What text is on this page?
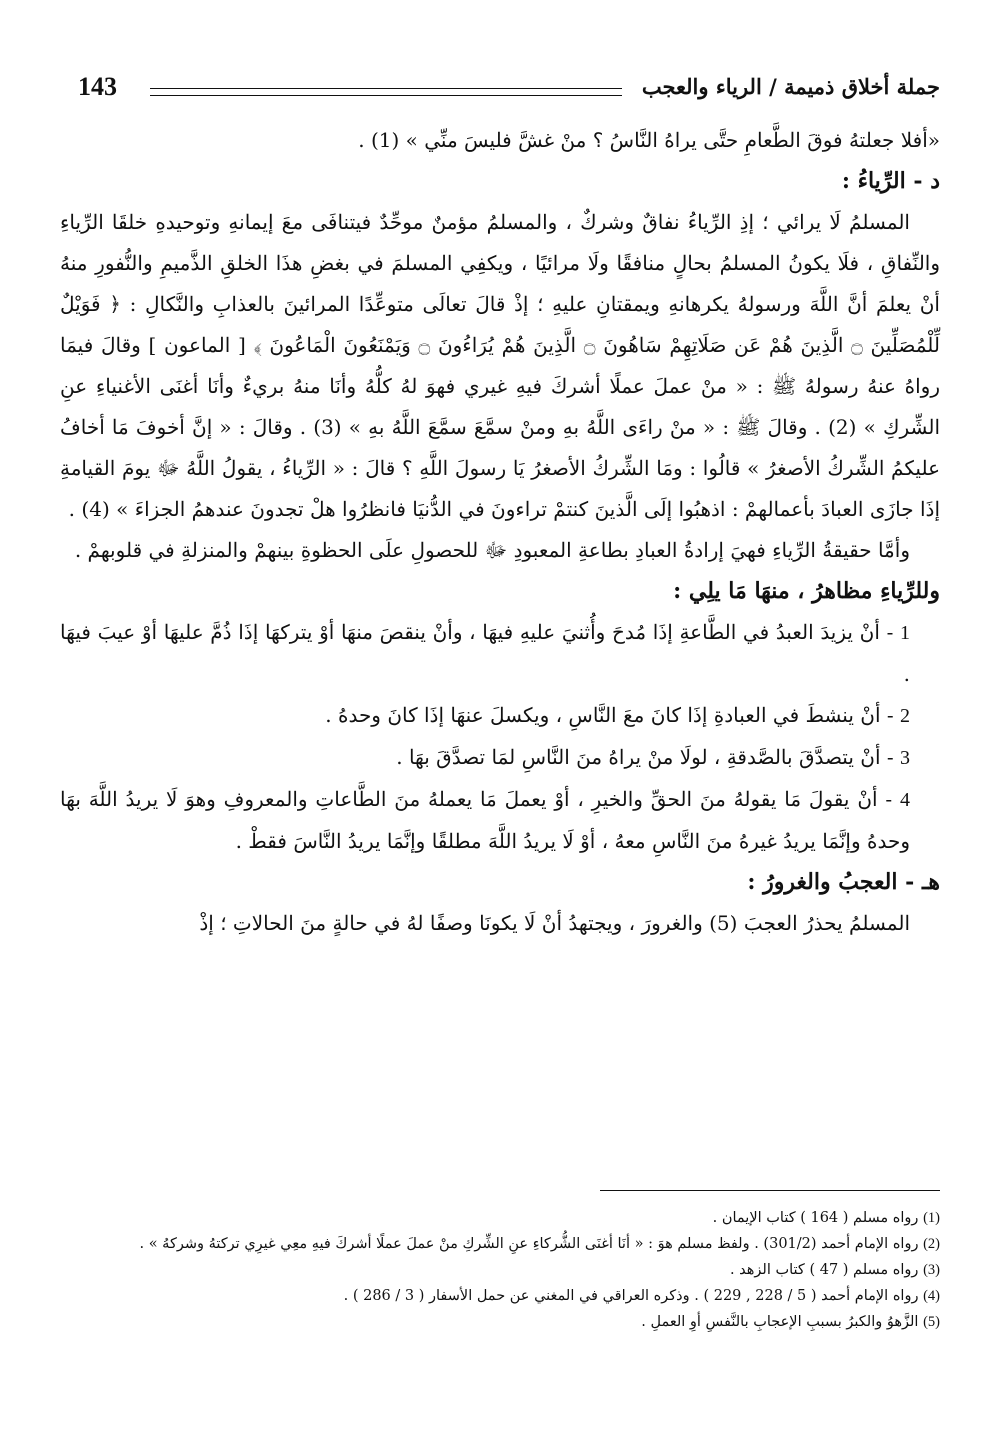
جملة أخلاق ذميمة / الرياء والعجب
143

«أفلا جعلتهُ فوقَ الطَّعامِ حتَّى يراهُ النَّاسُ ؟ منْ غشَّ فليسَ منِّي » (1) .

د - الرِّياءُ :

المسلمُ لَا يرائي ؛ إذِ الرِّياءُ نفاقٌ وشركٌ ، والمسلمُ مؤمنٌ موحِّدٌ فيتنافَى معَ إيمانهِ وتوحيدهِ خلقَا الرِّياءِ والنِّفاقِ ، فلَا يكونُ المسلمُ بحالٍ منافقًا ولَا مرائيًا ، ويكفِي المسلمَ في بغضِ هذَا الخلقِ الذَّميمِ والنُّفورِ منهُ أنْ يعلمَ أنَّ اللَّهَ ورسولهُ يكرهانهِ ويمقتانِ عليهِ ؛ إذْ قالَ تعالَى متوعِّدًا المرائينَ بالعذابِ والنَّكالِ : ﴿ فَوَيْلٌ لِّلْمُصَلِّينَ ۝ الَّذِينَ هُمْ عَن صَلَاتِهِمْ سَاهُونَ ۝ الَّذِينَ هُمْ يُرَاءُونَ ۝ وَيَمْنَعُونَ الْمَاعُونَ ﴾ [ الماعون ] وقالَ فيمَا رواهُ عنهُ رسولهُ ﷺ : « منْ عملَ عملًا أشركَ فيهِ غيري فهوَ لهُ كلُّهُ وأنَا منهُ بريءٌ وأنَا أغنَى الأغنياءِ عنِ الشِّركِ » (2) . وقالَ ﷺ : « منْ راءَى اللَّهُ بهِ ومنْ سمَّعَ سمَّعَ اللَّهُ بهِ » (3) . وقالَ : « إنَّ أخوفَ مَا أخافُ عليكمُ الشِّركُ الأصغرُ » قالُوا : ومَا الشِّركُ الأصغرُ يَا رسولَ اللَّهِ ؟ قالَ : « الرِّياءُ ، يقولُ اللَّهُ ﷻ يومَ القيامةِ إذَا جازَى العبادَ بأعمالهمْ : اذهبُوا إلَى الَّذينَ كنتمْ تراءونَ في الدُّنيَا فانظرُوا هلْ تجدونَ عندهمُ الجزاءَ » (4) .

وأمَّا حقيقةُ الرِّياءِ فهيَ إرادةُ العبادِ بطاعةِ المعبودِ ﷻ للحصولِ علَى الحظوةِ بينهمْ والمنزلةِ في قلوبهمْ .

وللرِّياءِ مظاهرُ ، منهَا مَا يلِي :

1 - أنْ يزيدَ العبدُ في الطَّاعةِ إذَا مُدحَ وأُثنيَ عليهِ فيهَا ، وأنْ ينقصَ منهَا أوْ يتركهَا إذَا ذُمَّ عليهَا أوْ عيبَ فيهَا .

2 - أنْ ينشطَ في العبادةِ إذَا كانَ معَ النَّاسِ ، ويكسلَ عنهَا إذَا كانَ وحدهُ .

3 - أنْ يتصدَّقَ بالصَّدقةِ ، لولَا منْ يراهُ منَ النَّاسِ لمَا تصدَّقَ بهَا .

4 - أنْ يقولَ مَا يقولهُ منَ الحقِّ والخيرِ ، أوْ يعملَ مَا يعملهُ منَ الطَّاعاتِ والمعروفِ وهوَ لَا يريدُ اللَّهَ بهَا وحدهُ وإنَّمَا يريدُ غيرهُ منَ النَّاسِ معهُ ، أوْ لَا يريدُ اللَّهَ مطلقًا وإنَّمَا يريدُ النَّاسَ فقطْ .

هـ - العجبُ والغرورُ :

المسلمُ يحذرُ العجبَ (5) والغرورَ ، ويجتهدُ أنْ لَا يكونَا وصفًا لهُ في حالةٍ منَ الحالاتِ ؛ إذْ

(1) رواه مسلم ( 164 ) كتاب الإيمان .

(2) رواه الإمام أحمد (301/2) . ولفظ مسلم هوَ : « أنَا أغنَى الشُّركاءِ عنِ الشِّركِ منْ عملَ عملًا أشركَ فيهِ معِي غيرِي تركتهُ وشركهُ » .

(3) رواه مسلم ( 47 ) كتاب الزهد .

(4) رواه الإمام أحمد ( 5 / 228 , 229 ) . وذكره العراقي في المغني عن حمل الأسفار ( 3 / 286 ) .

(5) الزَّهوُ والكبرُ بسببِ الإعجابِ بالنَّفسِ أوِ العملِ .
